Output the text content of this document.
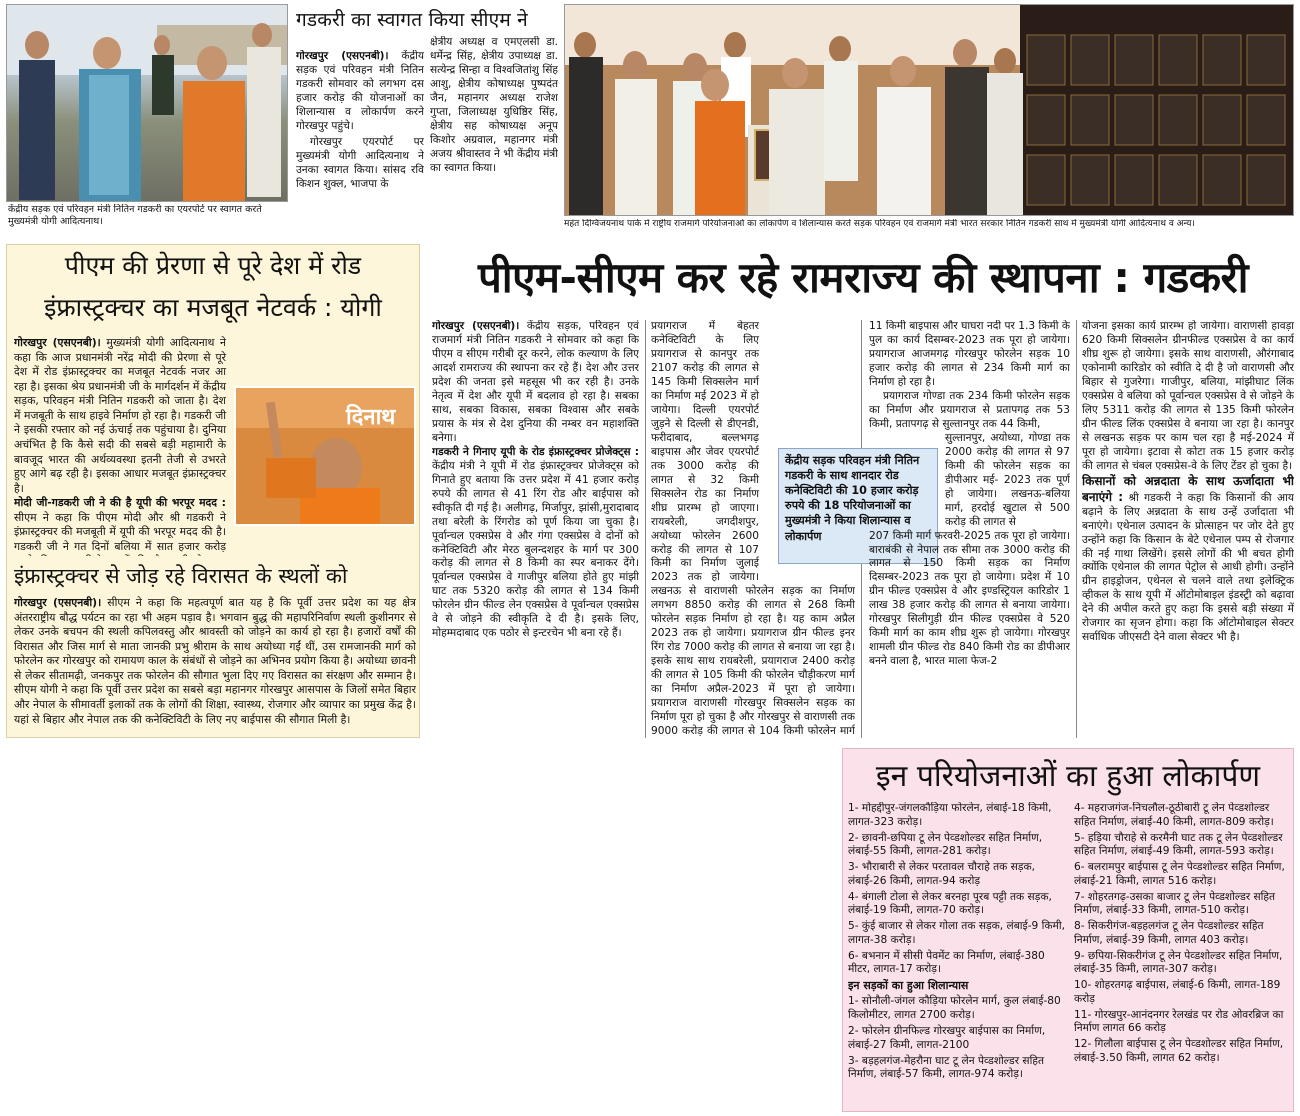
केंद्रीय सड़क एवं परिवहन मंत्री नितिन गडकरी का एयरपोर्ट पर स्वागत करते मुख्यमंत्री योगी आदित्यनाथ।
गडकरी का स्वागत किया सीएम ने
गोरखपुर (एसएनबी)। केंद्रीय सड़क एवं परिवहन मंत्री नितिन गडकरी सोमवार को लगभग दस हजार करोड़ की योजनाओं का शिलान्यास व लोकार्पण करने गोरखपुर पहुंचे।
गोरखपुर एयरपोर्ट पर मुख्यमंत्री योगी आदित्यनाथ ने उनका स्वागत किया। सांसद रवि किशन शुक्ल, भाजपा के
क्षेत्रीय अध्यक्ष व एमएलसी डा. धर्मेन्द्र सिंह, क्षेत्रीय उपाध्यक्ष डा. सत्येन्द्र सिन्हा व विश्वजितांशु सिंह आशु, क्षेत्रीय कोषाध्यक्ष पुष्पदंत जैन, महानगर अध्यक्ष राजेश गुप्ता, जिलाध्यक्ष युधिष्ठिर सिंह, क्षेत्रीय सह कोषाध्यक्ष अनूप किशोर अग्रवाल, महानगर मंत्री अजय श्रीवास्तव ने भी केंद्रीय मंत्री का स्वागत किया।
महंत दिग्विजयनाथ पार्क में राष्ट्रीय राजमार्ग परियोजनाओं का लोकार्पण व शिलान्यास करते सड़क परिवहन एवं राजमार्ग मंत्री भारत सरकार नितिन गडकरी साथ में मुख्यमंत्री योगी आदित्यनाथ व अन्य।
पीएम की प्रेरणा से पूरे देश में रोड
इंफ्रास्ट्रक्चर का मजबूत नेटवर्क : योगी
दिनाथ
गोरखपुर (एसएनबी)। मुख्यमंत्री योगी आदित्यनाथ ने कहा कि आज प्रधानमंत्री नरेंद्र मोदी की प्रेरणा से पूरे देश में रोड इंफ्रास्ट्रक्चर का मजबूत नेटवर्क नजर आ रहा है। इसका श्रेय प्रधानमंत्री जी के मार्गदर्शन में केंद्रीय सड़क, परिवहन मंत्री नितिन गडकरी को जाता है। देश में मजबूती के साथ हाइवे निर्माण हो रहा है। गडकरी जी ने इसकी रफ्तार को नई ऊंचाई तक पहुंचाया है। दुनिया अचंभित है कि कैसे सदी की सबसे बड़ी महामारी के बावजूद भारत की अर्थव्यवस्था इतनी तेजी से उभरते हुए आगे बढ़ रही है। इसका आधार मजबूत इंफ्रास्ट्रक्चर है।
मोदी जी-गडकरी जी ने की है यूपी की भरपूर मदद : सीएम ने कहा कि पीएम मोदी और श्री गडकरी ने इंफ्रास्ट्रक्चर की मजबूती में यूपी की भरपूर मदद की है। गडकरी जी ने गत दिनों बलिया में सात हजार करोड़
इंफ्रास्ट्रक्चर से जोड़ रहे विरासत के स्थलों को
गोरखपुर (एसएनबी)। सीएम ने कहा कि महत्वपूर्ण बात यह है कि पूर्वी उत्तर प्रदेश का यह क्षेत्र अंतरराष्ट्रीय बौद्ध पर्यटन का रहा भी अहम पड़ाव है। भगवान बुद्ध की महापरिनिर्वाण स्थली कुशीनगर से लेकर उनके बचपन की स्थली कपिलवस्तु और श्रावस्ती को जोड़ने का कार्य हो रहा है। हजारों वर्षों की विरासत और जिस मार्ग से माता जानकी प्रभु श्रीराम के साथ अयोध्या गईं थीं, उस रामजानकी मार्ग को फोरलेन कर गोरखपुर को रामायण काल के संबंधों से जोड़ने का अभिनव प्रयोग किया है। अयोध्या छावनी से लेकर सीतामढ़ी, जनकपुर तक फोरलेन की सौगात भुला दिए गए विरासत का संरक्षण और सम्मान है। सीएम योगी ने कहा कि पूर्वी उत्तर प्रदेश का सबसे बड़ा महानगर गोरखपुर आसपास के जिलों समेत बिहार और नेपाल के सीमावर्ती इलाकों तक के लोगों की शिक्षा, स्वास्थ्य, रोजगार और व्यापार का प्रमुख केंद्र है। यहां से बिहार और नेपाल तक की कनेक्टिविटी के लिए नए बाईपास की सौगात मिली है।
पीएम-सीएम कर रहे रामराज्य की स्थापना : गडकरी
गोरखपुर (एसएनबी)। केंद्रीय सड़क, परिवहन एवं राजमार्ग मंत्री नितिन गडकरी ने सोमवार को कहा कि पीएम व सीएम गरीबी दूर करने, लोक कल्याण के लिए आदर्श रामराज्य की स्थापना कर रहे हैं। देश और उत्तर प्रदेश की जनता इसे महसूस भी कर रही है। उनके नेतृत्व में देश और यूपी में बदलाव हो रहा है। सबका साथ, सबका विकास, सबका विश्वास और सबके प्रयास के मंत्र से देश दुनिया की नम्बर वन महाशक्ति बनेगा।
गडकरी ने गिनाए यूपी के रोड इंफ्रास्ट्रक्चर प्रोजेक्ट्स : केंद्रीय मंत्री ने यूपी में रोड इंफ्रास्ट्रक्चर प्रोजेक्ट्स को गिनाते हुए बताया कि उत्तर प्रदेश में 41 हजार करोड़ रुपये की लागत से 41 रिंग रोड और बाईपास को स्वीकृति दी गई है। अलीगढ़, मिर्जापुर, झांसी,मुरादाबाद तथा बरेली के रिंगरोड को पूर्ण किया जा चुका है। पूर्वान्चल एक्सप्रेस वे और गंगा एक्सप्रेस वे दोनों को कनेक्टिविटी और मेरठ बुलन्दशहर के मार्ग पर 300 करोड़ की लागत से 8 किमी का स्पर बनाकर देंगे। पूर्वान्चल एक्सप्रेस वे गाजीपुर बलिया होते हुए मांझी घाट तक 5320 करोड़ की लागत से 134 किमी फोरलेन ग्रीन फील्ड लेन एक्सप्रेस वे पूर्वान्चल एक्सप्रेस वे से जोड़ने की स्वीकृति दे दी है। इसके लिए, मोहम्मदाबाद एक पठोर से इन्टरचेन भी बना रहे हैं।
प्रयागराज में बेहतर कनेक्टिविटी के लिए प्रयागराज से कानपुर तक 2107 करोड़ की लागत से 145 किमी सिक्सलेन मार्ग का निर्माण मई 2023 में हो जायेगा। दिल्ली एयरपोर्ट जुड़ने से दिल्ली से डीएनडी, फरीदाबाद, बल्लभगढ़ बाइपास और जेवर एयरपोर्ट तक 3000 करोड़ की लागत से 32 किमी सिक्सलेन रोड का निर्माण शीघ्र प्रारम्भ हो जाएगा। रायबरेली, जगदीशपुर, अयोध्या फोरलेन 2600 करोड़ की लागत से 107 किमी का निर्माण जुलाई 2023 तक हो जायेगा। लखनऊ से वाराणसी फोरलेन सड़क का निर्माण लगभग 8850 करोड़ की लागत से 268 किमी फोरलेन सड़क निर्माण हो रहा है। यह काम अप्रैल 2023 तक हो जायेगा। प्रयागराज ग्रीन फील्ड इनर रिंग रोड 7000 करोड़ की लागत से बनाया जा रहा है। इसके साथ साथ रायबरेली, प्रयागराज 2400 करोड़ की लागत से 105 किमी की फोरलेन चौड़ीकरण मार्ग का निर्माण अप्रैल-2023 में पूरा हो जायेगा। प्रयागराज वाराणसी गोरखपुर सिक्सलेन सड़क का निर्माण पूरा हो चुका है और गोरखपुर से वाराणसी तक 9000 करोड़ की लागत से 104 किमी फोरलेन मार्ग
केंद्रीय सड़क परिवहन मंत्री नितिन गडकरी के साथ शानदार रोड कनेक्टिविटी की 10 हजार करोड़ रुपये की 18 परियोजनाओं का मुख्यमंत्री ने किया शिलान्यास व लोकार्पण
11 किमी बाइपास और घाघरा नदी पर 1.3 किमी के पुल का कार्य दिसम्बर-2023 तक पूरा हो जायेगा। प्रयागराज आजमगढ़ गोरखपुर फोरलेन सड़क 10 हजार करोड़ की लागत से 234 किमी मार्ग का निर्माण हो रहा है।
प्रयागराज गोण्डा तक 234 किमी फोरलेन सड़क का निर्माण और प्रयागराज से प्रतापगढ़ तक 53 किमी, प्रतापगढ़ से सुल्तानपुर तक 44 किमी,
सुल्तानपुर, अयोध्या, गोण्डा तक 2000 करोड़ की लागत से 97 किमी की फोरलेन सड़क का डीपीआर मई- 2023 तक पूर्ण हो जायेगा। लखनऊ-बलिया मार्ग, हरदोई खुटाल से 500 करोड़ की लागत से
207 किमी मार्ग फरवरी-2025 तक पूरा हो जायेगा। बाराबंकी से नेपाल तक सीमा तक 3000 करोड़ की लागत से 150 किमी सड़क का निर्माण दिसम्बर-2023 तक पूरा हो जायेगा। प्रदेश में 10 ग्रीन फील्ड एक्सप्रेस वे और इण्डस्ट्रियल कारिडोर 1 लाख 38 हजार करोड़ की लागत से बनाया जायेगा। गोरखपुर सिलीगुड़ी ग्रीन फील्ड एक्सप्रेस वे 520 किमी मार्ग का काम शीघ्र शुरू हो जायेगा। गोरखपुर शामली ग्रीन फील्ड रोड 840 किमी रोड का डीपीआर बनने वाला है, भारत माला फेज-2
योजना इसका कार्य प्रारम्भ हो जायेगा। वाराणसी हावड़ा 620 किमी सिक्सलेन ग्रीनफील्ड एक्सप्रेस वे का कार्य शीघ्र शुरू हो जायेगा। इसके साथ वाराणसी, औरंगाबाद एकोनामी कारिडोर को स्वीति दे दी है जो वाराणसी और बिहार से गुजरेगा। गाजीपुर, बलिया, मांझीघाट लिंक एक्सप्रेस वे बलिया को पूर्वान्चल एक्सप्रेस वे से जोड़ने के लिए 5311 करोड़ की लागत से 135 किमी फोरलेन ग्रीन फील्ड लिंक एक्सप्रेस वे बनाया जा रहा है। कानपुर से लखनऊ सड़क पर काम चल रहा है मई-2024 में पूरा हो जायेगा। इटावा से कोटा तक 15 हजार करोड़ की लागत से चंबल एक्सप्रेस-वे के लिए टेंडर हो चुका है।
किसानों को अन्नदाता के साथ ऊर्जादाता भी बनाएंगे : श्री गडकरी ने कहा कि किसानों की आय बढ़ाने के लिए अन्नदाता के साथ उन्हें उर्जादाता भी बनाएंगे। एथेनाल उत्पादन के प्रोत्साहन पर जोर देते हुए उन्होंने कहा कि किसान के बेटे एथेनाल पम्प से रोजगार की नई गाथा लिखेंगे। इससे लोगों की भी बचत होगी क्योंकि एथेनाल की लागत पेट्रोल से आधी होगी। उन्होंने ग्रीन हाइड्रोजन, एथेनल से चलने वाले तथा इलेक्ट्रिक व्हीकल के साथ यूपी में ऑटोमोबाइल इंडस्ट्री को बढ़ावा देने की अपील करते हुए कहा कि इससे बड़ी संख्या में रोजगार का सृजन होगा। कहा कि ऑटोमोबाइल सेक्टर सर्वाधिक जीएसटी देने वाला सेक्टर भी है।
इन परियोजनाओं का हुआ लोकार्पण
1- मोहद्दीपुर-जंगलकौड़िया फोरलेन, लंबाई-18 किमी, लागत-323 करोड़।
2- छावनी-छपिया टू लेन पेव्डशोल्डर सहित निर्माण, लंबाई-55 किमी, लागत-281 करोड़।
3- भौराबारी से लेकर परतावल चौराहे तक सड़क, लंबाई-26 किमी, लागत-94 करोड़
4- बंगाली टोला से लेकर बरनहा पूरब पट्टी तक सड़क, लंबाई-19 किमी, लागत-70 करोड़।
5- कुंई बाजार से लेकर गोला तक सड़क, लंबाई-9 किमी, लागत-38 करोड़।
6- बभनान में सीसी पेवमेंट का निर्माण, लंबाई-380 मीटर, लागत-17 करोड़।
इन सड़कों का हुआ शिलान्यास
1- सोनौली-जंगल कौड़िया फोरलेन मार्ग, कुल लंबाई-80 किलोमीटर, लागत 2700 करोड़।
2- फोरलेन ग्रीनफिल्ड गोरखपुर बाईपास का निर्माण, लंबाई-27 किमी, लागत-2100
3- बड़हलगंज-मेहरौना घाट टू लेन पेव्डशोल्डर सहित निर्माण, लंबाई-57 किमी, लागत-974 करोड़।
4- महराजगंज-निचलौल-ठूठीबारी टू लेन पेव्डशोल्डर सहित निर्माण, लंबाई-40 किमी, लागत-809 करोड़।
5- हड़िया चौराहे से करमैनी घाट तक टू लेन पेव्डशोल्डर सहित निर्माण, लंबाई-49 किमी, लागत-593 करोड़।
6- बलरामपुर बाईपास टू लेन पेव्डशोल्डर सहित निर्माण, लंबाई-21 किमी, लागत 516 करोड़।
7- शोहरतगढ़-उसका बाजार टू लेन पेव्डशोल्डर सहित निर्माण, लंबाई-33 किमी, लागत-510 करोड़।
8- सिकरीगंज-बड़हलगंज टू लेन पेव्डशोल्डर सहित निर्माण, लंबाई-39 किमी, लागत 403 करोड़।
9- छपिया-सिकरीगंज टू लेन पेव्डशोल्डर सहित निर्माण, लंबाई-35 किमी, लागत-307 करोड़।
10- शोहरतगढ़ बाईपास, लंबाई-6 किमी, लागत-189 करोड़
11- गोरखपुर-आनंदनगर रेलखंड पर रोड ओवरब्रिज का निर्माण लागत 66 करोड़
12- गिलौला बाईपास टू लेन पेव्डशोल्डर सहित निर्माण, लंबाई-3.50 किमी, लागत 62 करोड़।
